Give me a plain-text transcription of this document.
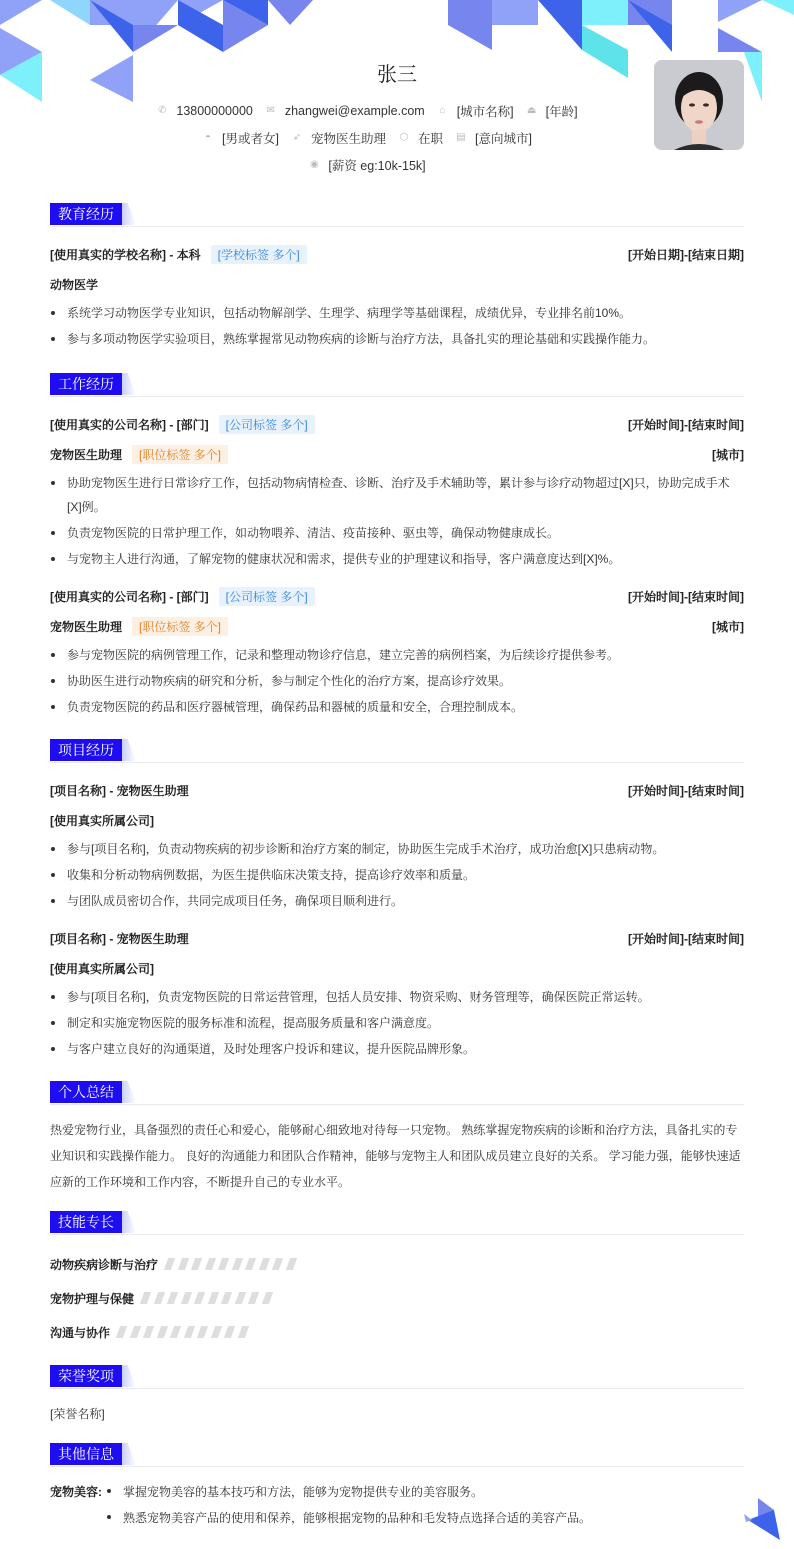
张三
✆ 13800000000 ✉ zhangwei@example.com ⌂ [城市名称] ⏏ [年龄]
◓ [男或者女] ➶ 宠物医生助理 ⬡ 在职 ▤ [意向城市]
◉ [薪资 eg:10k-15k]
教育经历
[使用真实的学校名称] - 本科	[学校标签 多个]	[开始日期]-[结束日期]
动物医学
系统学习动物医学专业知识，包括动物解剖学、生理学、病理学等基础课程，成绩优异，专业排名前10%。
参与多项动物医学实验项目，熟练掌握常见动物疾病的诊断与治疗方法，具备扎实的理论基础和实践操作能力。
工作经历
[使用真实的公司名称] - [部门]	[公司标签 多个]	[开始时间]-[结束时间]
宠物医生助理	[职位标签 多个]	[城市]
协助宠物医生进行日常诊疗工作，包括动物病情检查、诊断、治疗及手术辅助等，累计参与诊疗动物超过[X]只，协助完成手术[X]例。
负责宠物医院的日常护理工作，如动物喂养、清洁、疫苗接种、驱虫等，确保动物健康成长。
与宠物主人进行沟通，了解宠物的健康状况和需求，提供专业的护理建议和指导，客户满意度达到[X]%。
[使用真实的公司名称] - [部门]	[公司标签 多个]	[开始时间]-[结束时间]
宠物医生助理	[职位标签 多个]	[城市]
参与宠物医院的病例管理工作，记录和整理动物诊疗信息，建立完善的病例档案，为后续诊疗提供参考。
协助医生进行动物疾病的研究和分析，参与制定个性化的治疗方案，提高诊疗效果。
负责宠物医院的药品和医疗器械管理，确保药品和器械的质量和安全，合理控制成本。
项目经历
[项目名称] - 宠物医生助理	[开始时间]-[结束时间]
[使用真实所属公司]
参与[项目名称]，负责动物疾病的初步诊断和治疗方案的制定，协助医生完成手术治疗，成功治愈[X]只患病动物。
收集和分析动物病例数据，为医生提供临床决策支持，提高诊疗效率和质量。
与团队成员密切合作，共同完成项目任务，确保项目顺利进行。
[项目名称] - 宠物医生助理	[开始时间]-[结束时间]
[使用真实所属公司]
参与[项目名称]，负责宠物医院的日常运营管理，包括人员安排、物资采购、财务管理等，确保医院正常运转。
制定和实施宠物医院的服务标准和流程，提高服务质量和客户满意度。
与客户建立良好的沟通渠道，及时处理客户投诉和建议，提升医院品牌形象。
个人总结

热爱宠物行业，具备强烈的责任心和爱心，能够耐心细致地对待每一只宠物。 熟练掌握宠物疾病的诊断和治疗方法，具备扎实的专业知识和实践操作能力。 良好的沟通能力和团队合作精神，能够与宠物主人和团队成员建立良好的关系。 学习能力强，能够快速适应新的工作环境和工作内容，不断提升自己的专业水平。

技能专长
动物疾病诊断与治疗
宠物护理与保健
沟通与协作
荣誉奖项

[荣誉名称]

其他信息
宠物美容:	掌握宠物美容的基本技巧和方法，能够为宠物提供专业的美容服务。
熟悉宠物美容产品的使用和保养，能够根据宠物的品种和毛发特点选择合适的美容产品。
